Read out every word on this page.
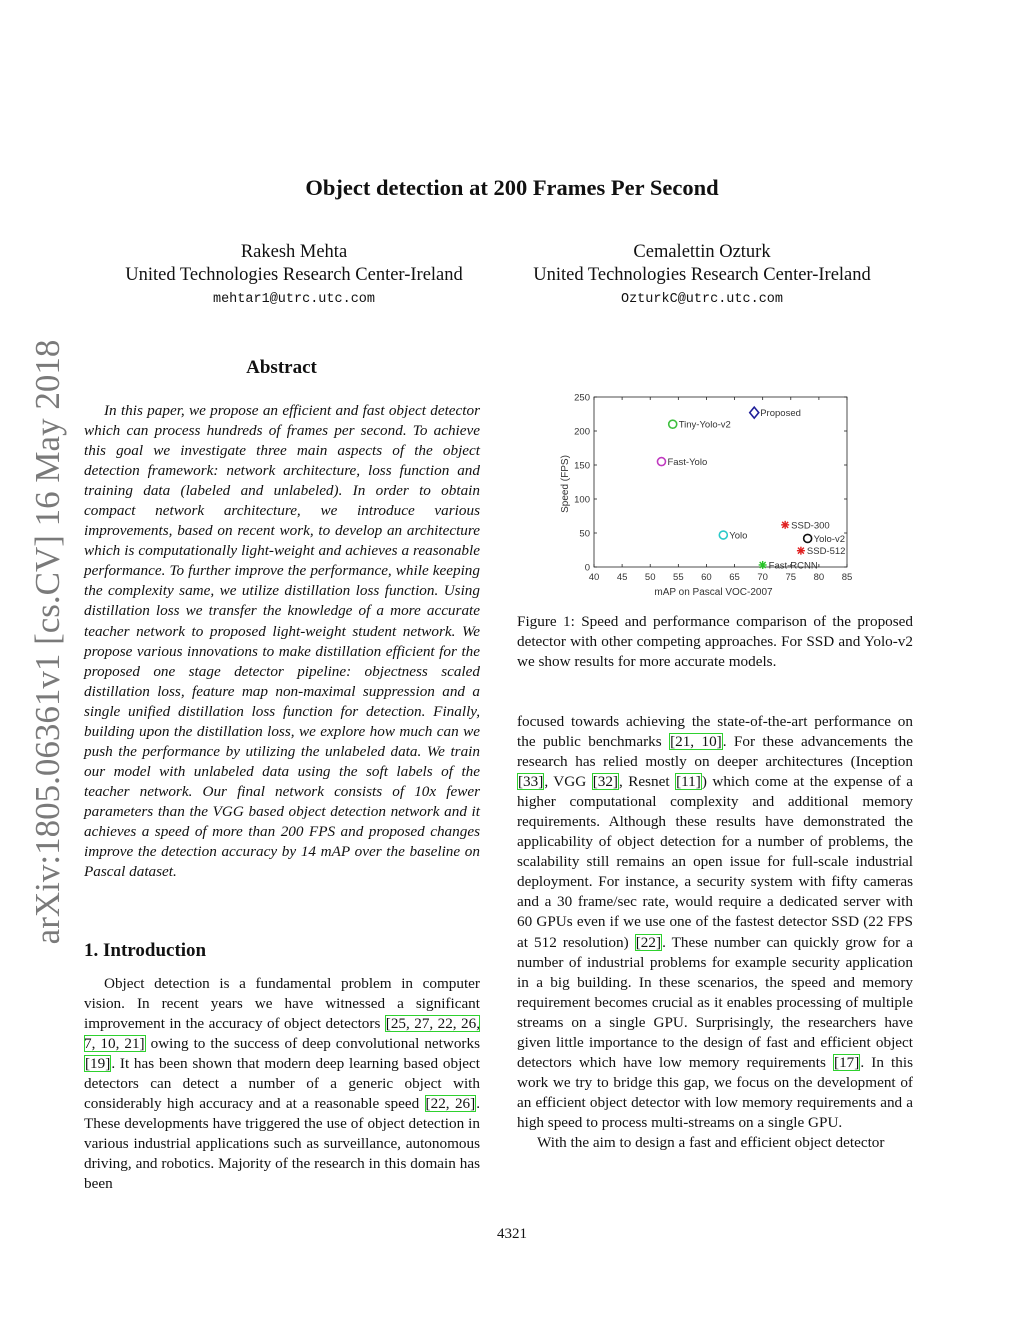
arXiv:1805.06361v1 [cs.CV] 16 May 2018
Object detection at 200 Frames Per Second
Rakesh Mehta
United Technologies Research Center-Ireland
mehtar1@utrc.utc.com
Cemalettin Ozturk
United Technologies Research Center-Ireland
OzturkC@utrc.utc.com
Abstract

In this paper, we propose an efficient and fast object detector which can process hundreds of frames per second. To achieve this goal we investigate three main aspects of the object detection framework: network architecture, loss function and training data (labeled and unlabeled). In order to obtain compact network architecture, we introduce various improvements, based on recent work, to develop an architecture which is computationally light-weight and achieves a reasonable performance. To further improve the performance, while keeping the complexity same, we utilize distillation loss function. Using distillation loss we transfer the knowledge of a more accurate teacher network to proposed light-weight student network. We propose various innovations to make distillation efficient for the proposed one stage detector pipeline: objectness scaled distillation loss, feature map non-maximal suppression and a single unified distillation loss function for detection. Finally, building upon the distillation loss, we explore how much can we push the performance by utilizing the unlabeled data. We train our model with unlabeled data using the soft labels of the teacher network. Our final network consists of 10x fewer parameters than the VGG based object detection network and it achieves a speed of more than 200 FPS and proposed changes improve the detection accuracy by 14 mAP over the baseline on Pascal dataset.

1. Introduction

Object detection is a fundamental problem in computer vision. In recent years we have witnessed a significant improvement in the accuracy of object detectors [25, 27, 22, 26, 7, 10, 21] owing to the success of deep convolutional networks [19]. It has been shown that modern deep learning based object detectors can detect a number of a generic object with considerably high accuracy and at a reasonable speed [22, 26]. These developments have triggered the use of object detection in various industrial applications such as surveillance, autonomous driving, and robotics. Majority of the research in this domain has been

40 45 50 55 60 65 70 75 80 85
0
50
100
150
200
250
Proposed
Tiny-Yolo-v2
Fast-Yolo
Yolo
SSD-300
Yolo-v2
SSD-512
Fast-RCNN
mAP on Pascal VOC-2007
Speed (FPS)

Figure 1: Speed and performance comparison of the proposed detector with other competing approaches. For SSD and Yolo-v2 we show results for more accurate models.

focused towards achieving the state-of-the-art performance on the public benchmarks [21, 10]. For these advancements the research has relied mostly on deeper architectures (Inception [33], VGG [32], Resnet [11]) which come at the expense of a higher computational complexity and additional memory requirements. Although these results have demonstrated the applicability of object detection for a number of problems, the scalability still remains an open issue for full-scale industrial deployment. For instance, a security system with fifty cameras and a 30 frame/sec rate, would require a dedicated server with 60 GPUs even if we use one of the fastest detector SSD (22 FPS at 512 resolution) [22]. These number can quickly grow for a number of industrial problems for example security application in a big building. In these scenarios, the speed and memory requirement becomes crucial as it enables processing of multiple streams on a single GPU. Surprisingly, the researchers have given little importance to the design of fast and efficient object detectors which have low memory requirements [17]. In this work we try to bridge this gap, we focus on the development of an efficient object detector with low memory requirements and a high speed to process multi-streams on a single GPU.

With the aim to design a fast and efficient object detector

4321
